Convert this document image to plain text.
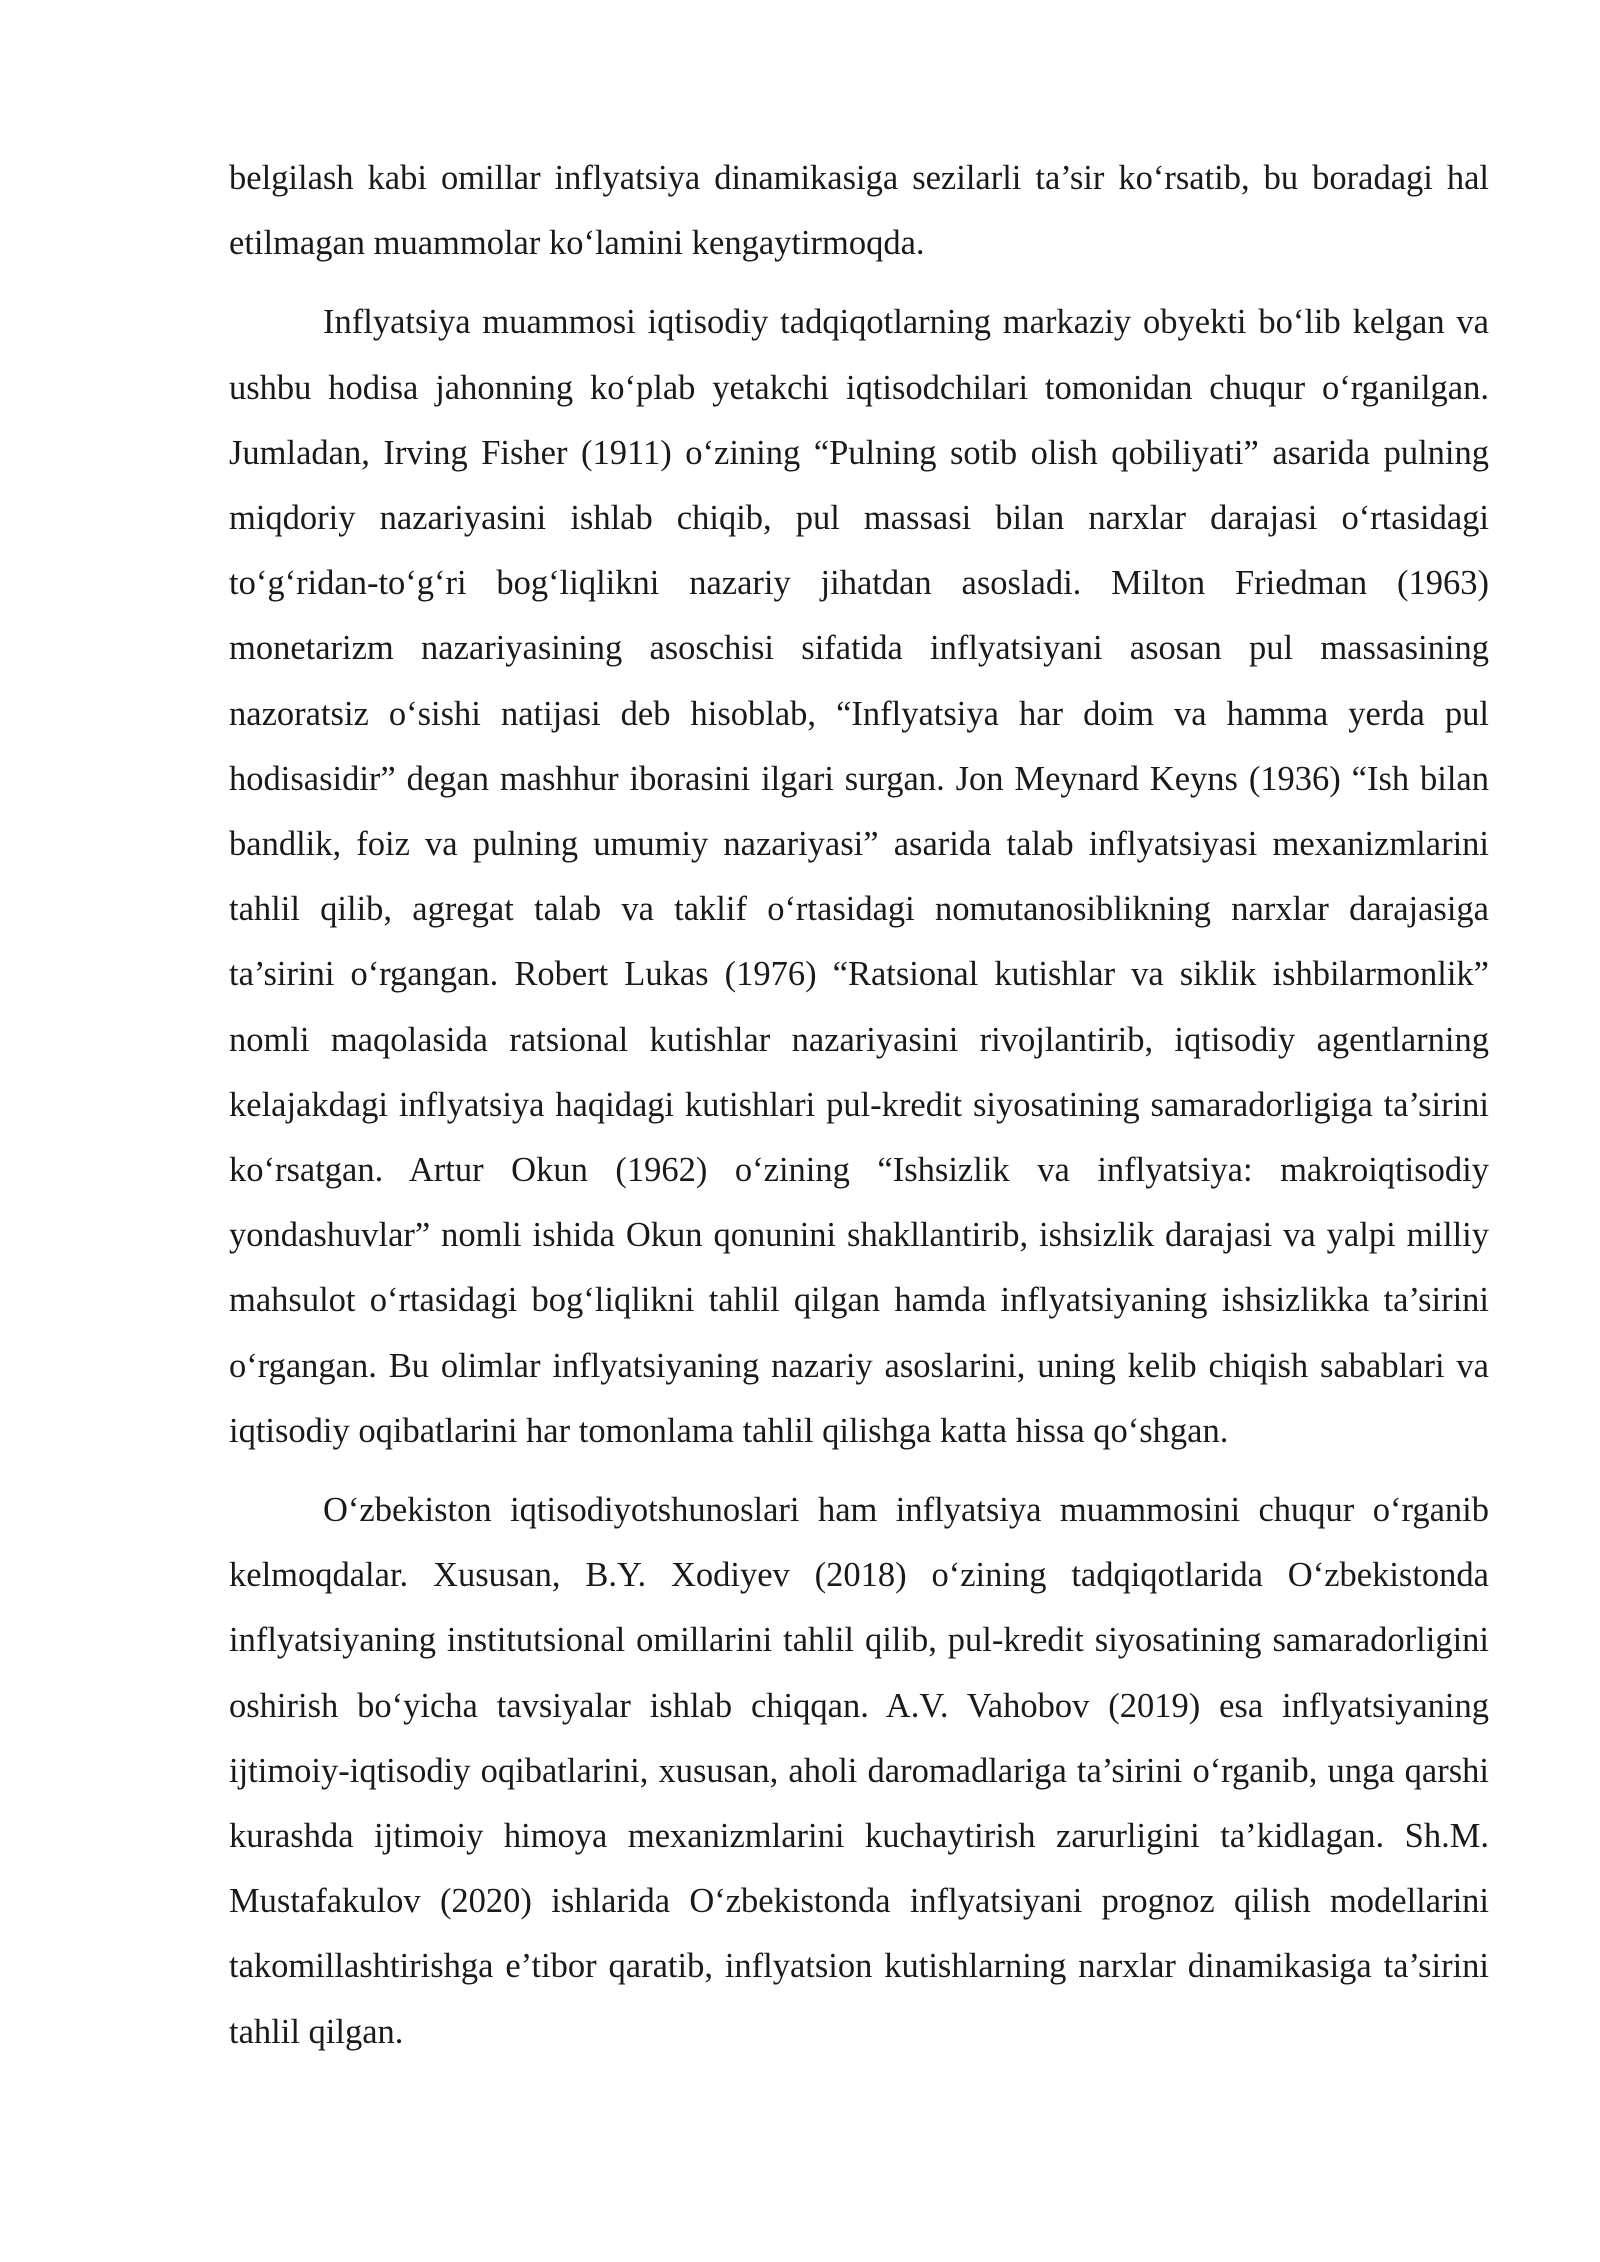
belgilash kabi omillar inflyatsiya dinamikasiga sezilarli ta’sir ko‘rsatib, bu boradagi hal etilmagan muammolar ko‘lamini kengaytirmoqda.

Inflyatsiya muammosi iqtisodiy tadqiqotlarning markaziy obyekti bo‘lib kelgan va ushbu hodisa jahonning ko‘plab yetakchi iqtisodchilari tomonidan chuqur o‘rganilgan. Jumladan, Irving Fisher (1911) o‘zining “Pulning sotib olish qobiliyati” asarida pulning miqdoriy nazariyasini ishlab chiqib, pul massasi bilan narxlar darajasi o‘rtasidagi to‘g‘ridan-to‘g‘ri bog‘liqlikni nazariy jihatdan asosladi. Milton Friedman (1963) monetarizm nazariyasining asoschisi sifatida inflyatsiyani asosan pul massasining nazoratsiz o‘sishi natijasi deb hisoblab, “Inflyatsiya har doim va hamma yerda pul hodisasidir” degan mashhur iborasini ilgari surgan. Jon Meynard Keyns (1936) “Ish bilan bandlik, foiz va pulning umumiy nazariyasi” asarida talab inflyatsiyasi mexanizmlarini tahlil qilib, agregat talab va taklif o‘rtasidagi nomutanosiblikning narxlar darajasiga ta’sirini o‘rgangan. Robert Lukas (1976) “Ratsional kutishlar va siklik ishbilarmonlik” nomli maqolasida ratsional kutishlar nazariyasini rivojlantirib, iqtisodiy agentlarning kelajakdagi inflyatsiya haqidagi kutishlari pul-kredit siyosatining samaradorligiga ta’sirini ko‘rsatgan. Artur Okun (1962) o‘zining “Ishsizlik va inflyatsiya: makroiqtisodiy yondashuvlar” nomli ishida Okun qonunini shakllantirib, ishsizlik darajasi va yalpi milliy mahsulot o‘rtasidagi bog‘liqlikni tahlil qilgan hamda inflyatsiyaning ishsizlikka ta’sirini o‘rgangan. Bu olimlar inflyatsiyaning nazariy asoslarini, uning kelib chiqish sabablari va iqtisodiy oqibatlarini har tomonlama tahlil qilishga katta hissa qo‘shgan.

O‘zbekiston iqtisodiyotshunoslari ham inflyatsiya muammosini chuqur o‘rganib kelmoqdalar. Xususan, B.Y. Xodiyev (2018) o‘zining tadqiqotlarida O‘zbekistonda inflyatsiyaning institutsional omillarini tahlil qilib, pul-kredit siyosatining samaradorligini oshirish bo‘yicha tavsiyalar ishlab chiqqan. A.V. Vahobov (2019) esa inflyatsiyaning ijtimoiy-iqtisodiy oqibatlarini, xususan, aholi daromadlariga ta’sirini o‘rganib, unga qarshi kurashda ijtimoiy himoya mexanizmlarini kuchaytirish zarurligini ta’kidlagan. Sh.M. Mustafakulov (2020) ishlarida O‘zbekistonda inflyatsiyani prognoz qilish modellarini takomillashtirishga e’tibor qaratib, inflyatsion kutishlarning narxlar dinamikasiga ta’sirini tahlil qilgan.
